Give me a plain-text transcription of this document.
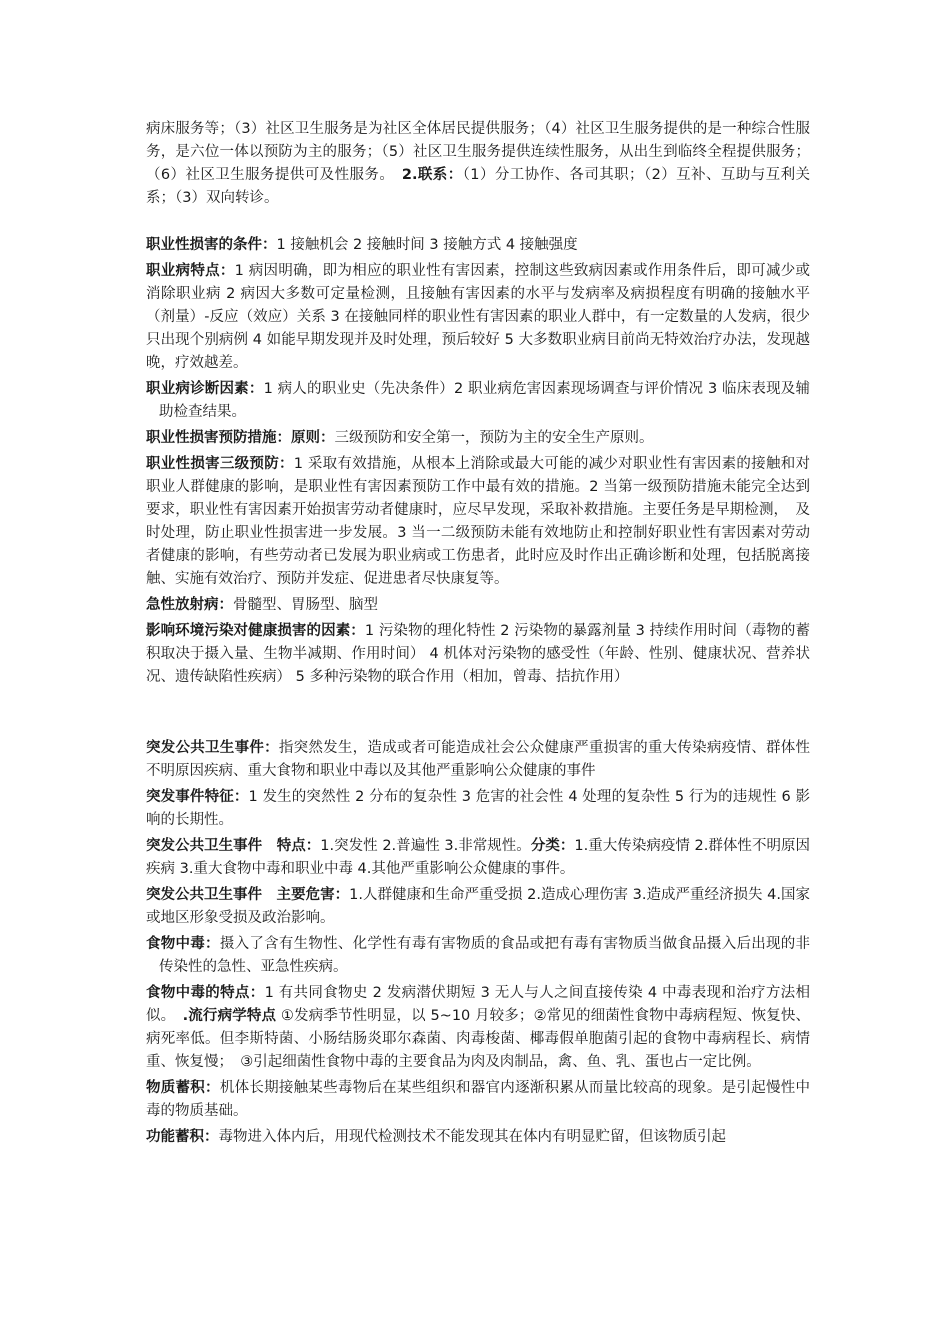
病床服务等；（3）社区卫生服务是为社区全体居民提供服务；（4）社区卫生服务提供的是一种综合性服务，是六位一体以预防为主的服务；（5）社区卫生服务提供连续性服务，从出生到临终全程提供服务；（6）社区卫生服务提供可及性服务。　2.联系：（1）分工协作、各司其职；（2）互补、互助与互利关系；（3）双向转诊。

职业性损害的条件：1 接触机会 2 接触时间 3 接触方式 4 接触强度

职业病特点：1 病因明确，即为相应的职业性有害因素，控制这些致病因素或作用条件后，即可减少或消除职业病 2 病因大多数可定量检测，且接触有害因素的水平与发病率及病损程度有明确的接触水平（剂量）-反应（效应）关系 3 在接触同样的职业性有害因素的职业人群中，有一定数量的人发病，很少只出现个别病例 4 如能早期发现并及时处理，预后较好 5 大多数职业病目前尚无特效治疗办法，发现越晚，疗效越差。

职业病诊断因素：1 病人的职业史（先决条件）2 职业病危害因素现场调查与评价情况 3 临床表现及辅助检查结果。

职业性损害预防措施：原则：三级预防和安全第一，预防为主的安全生产原则。

职业性损害三级预防：1 采取有效措施，从根本上消除或最大可能的减少对职业性有害因素的接触和对职业人群健康的影响，是职业性有害因素预防工作中最有效的措施。2 当第一级预防措施未能完全达到要求，职业性有害因素开始损害劳动者健康时，应尽早发现，采取补救措施。主要任务是早期检测，　及时处理，防止职业性损害进一步发展。3 当一二级预防未能有效地防止和控制好职业性有害因素对劳动者健康的影响，有些劳动者已发展为职业病或工伤患者，此时应及时作出正确诊断和处理，包括脱离接触、实施有效治疗、预防并发症、促进患者尽快康复等。

急性放射病：骨髓型、胃肠型、脑型

影响环境污染对健康损害的因素：1 污染物的理化特性 2 污染物的暴露剂量 3 持续作用时间（毒物的蓄积取决于摄入量、生物半减期、作用时间） 4 机体对污染物的感受性（年龄、性别、健康状况、营养状况、遗传缺陷性疾病） 5 多种污染物的联合作用（相加，曾毒、拮抗作用）

突发公共卫生事件：指突然发生，造成或者可能造成社会公众健康严重损害的重大传染病疫情、群体性不明原因疾病、重大食物和职业中毒以及其他严重影响公众健康的事件

突发事件特征：1 发生的突然性 2 分布的复杂性 3 危害的社会性 4 处理的复杂性 5 行为的违规性 6 影响的长期性。

突发公共卫生事件　特点：1.突发性 2.普遍性 3.非常规性。分类：1.重大传染病疫情 2.群体性不明原因疾病 3.重大食物中毒和职业中毒 4.其他严重影响公众健康的事件。

突发公共卫生事件　主要危害：1.人群健康和生命严重受损 2.造成心理伤害 3.造成严重经济损失 4.国家或地区形象受损及政治影响。

食物中毒：摄入了含有生物性、化学性有毒有害物质的食品或把有毒有害物质当做食品摄入后出现的非传染性的急性、亚急性疾病。

食物中毒的特点：1 有共同食物史 2 发病潜伏期短 3 无人与人之间直接传染 4 中毒表现和治疗方法相似。　.流行病学特点 ①发病季节性明显，以 5~10 月较多；②常见的细菌性食物中毒病程短、恢复快、病死率低。但李斯特菌、小肠结肠炎耶尔森菌、肉毒梭菌、椰毒假单胞菌引起的食物中毒病程长、病情重、恢复慢；　③引起细菌性食物中毒的主要食品为肉及肉制品，禽、鱼、乳、蛋也占一定比例。

物质蓄积：机体长期接触某些毒物后在某些组织和器官内逐渐积累从而量比较高的现象。是引起慢性中毒的物质基础。

功能蓄积：毒物进入体内后，用现代检测技术不能发现其在体内有明显贮留，但该物质引起
